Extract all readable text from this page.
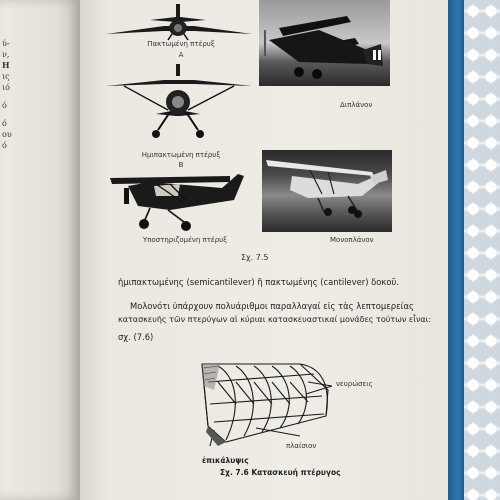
ύ-
ν,
Η
ις
ιό
ό
ό
ου
ό
Πακτωμένη πτέρυξ
A
Διπλάνον
Ημιπακτωμένη πτέρυξ
B
Υποστηριζομένη πτέρυξ	Μονοπλάνον
Σχ. 7.5
ἡμιπακτωμένης (semicantilever) ἢ πακτωμένης (cantilever) δοκοῦ.
Μολονότι ὑπάρχουν πολυάριθμοι παραλλαγαί εἰς τὰς λεπτομερείας
κατασκευῆς τῶν πτερύγων αἱ κύριαι κατασκευαστικαί μονάδες τούτων εἶναι:
σχ. (7.6)
νευρώσεις
πλαίσιον
ἐπικάλυψις
Σχ. 7.6 Κατασκευή πτέρυγος
